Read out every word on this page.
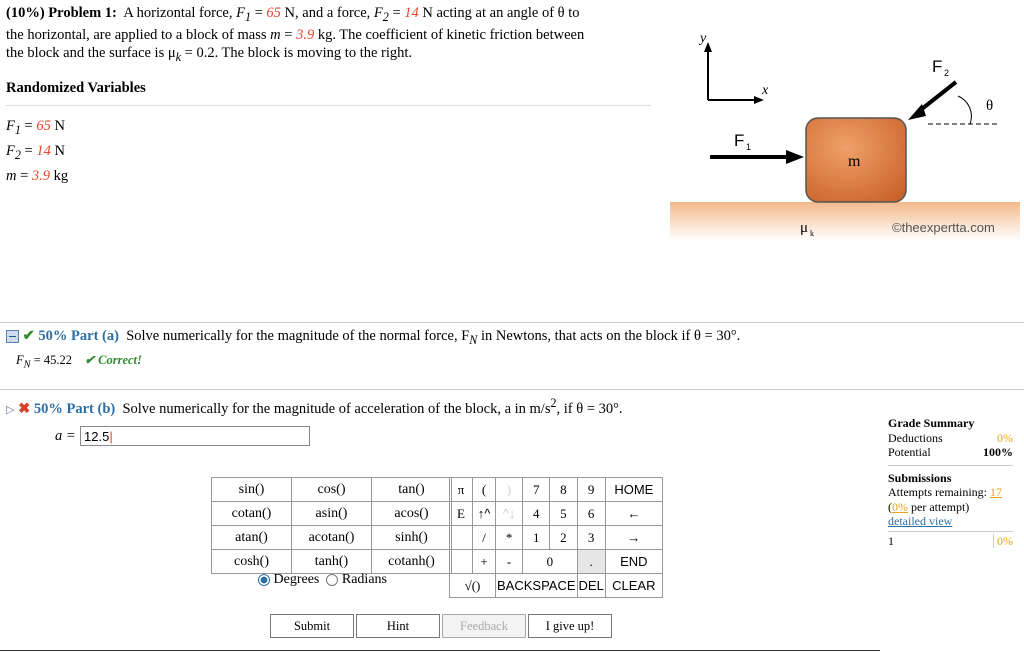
(10%) Problem 1: A horizontal force, $F_1 = 65$ N, and a force, $F_2 = 14$ N acting at an angle of θ to
the horizontal, are applied to a block of mass m = 3.9 kg. The coefficient of kinetic friction between
the block and the surface is $\mu_k = 0.2$. The block is moving to the right.
Randomized Variables
$F_1 = 65$ N
$F_2 = 14$ N
m = 3.9 kg
y
x
m
F 1
F 2
θ
μ k	©theexpertta.com
✔ 50% Part (a) Solve numerically for the magnitude of the normal force, $F_N$ in Newtons, that acts on the block if θ = 30°.
$F_N = 45.22$ ✔ Correct!
▷ ✖ 50% Part (b) Solve numerically for the magnitude of acceleration of the block, a in $m/s^2$, if θ = 30°.
a = 12.5|
sin()	cos()	tan()
cotan()	asin()	acos()
atan()	acotan()	sinh()
cosh()	tanh()	cotanh()
Degrees Radians
π	(	)	7	8	9	HOME
E	↑^	^↓	4	5	6	←
	/	*	1	2	3	→
	+	-	0		.	END
√()		BACKSPACE			DEL	CLEAR
Submit	Hint	Feedback	I give up!
Grade Summary
Deductions	0%
Potential	100%
Submissions
Attempts remaining: 17
(0% per attempt)
detailed view
1	0%
